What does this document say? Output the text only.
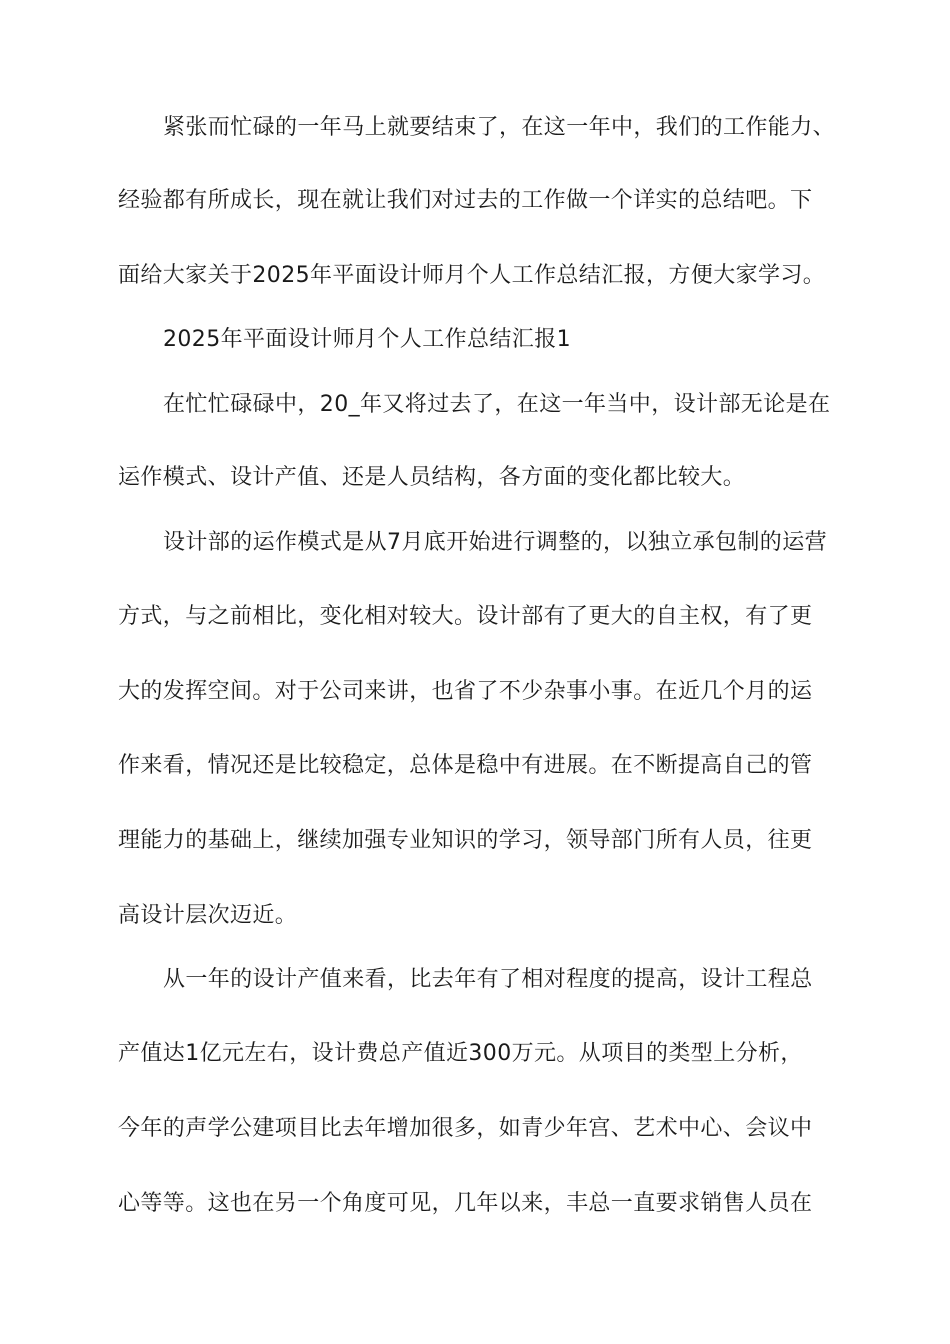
紧张而忙碌的一年马上就要结束了，在这一年中，我们的工作能力、
经验都有所成长，现在就让我们对过去的工作做一个详实的总结吧。下
面给大家关于2025年平面设计师月个人工作总结汇报，方便大家学习。
2025年平面设计师月个人工作总结汇报1
在忙忙碌碌中，20_年又将过去了，在这一年当中，设计部无论是在
运作模式、设计产值、还是人员结构，各方面的变化都比较大。
设计部的运作模式是从7月底开始进行调整的，以独立承包制的运营
方式，与之前相比，变化相对较大。设计部有了更大的自主权，有了更
大的发挥空间。对于公司来讲，也省了不少杂事小事。在近几个月的运
作来看，情况还是比较稳定，总体是稳中有进展。在不断提高自己的管
理能力的基础上，继续加强专业知识的学习，领导部门所有人员，往更
高设计层次迈近。
从一年的设计产值来看，比去年有了相对程度的提高，设计工程总
产值达1亿元左右，设计费总产值近300万元。从项目的类型上分析，
今年的声学公建项目比去年增加很多，如青少年宫、艺术中心、会议中
心等等。这也在另一个角度可见，几年以来，丰总一直要求销售人员在
